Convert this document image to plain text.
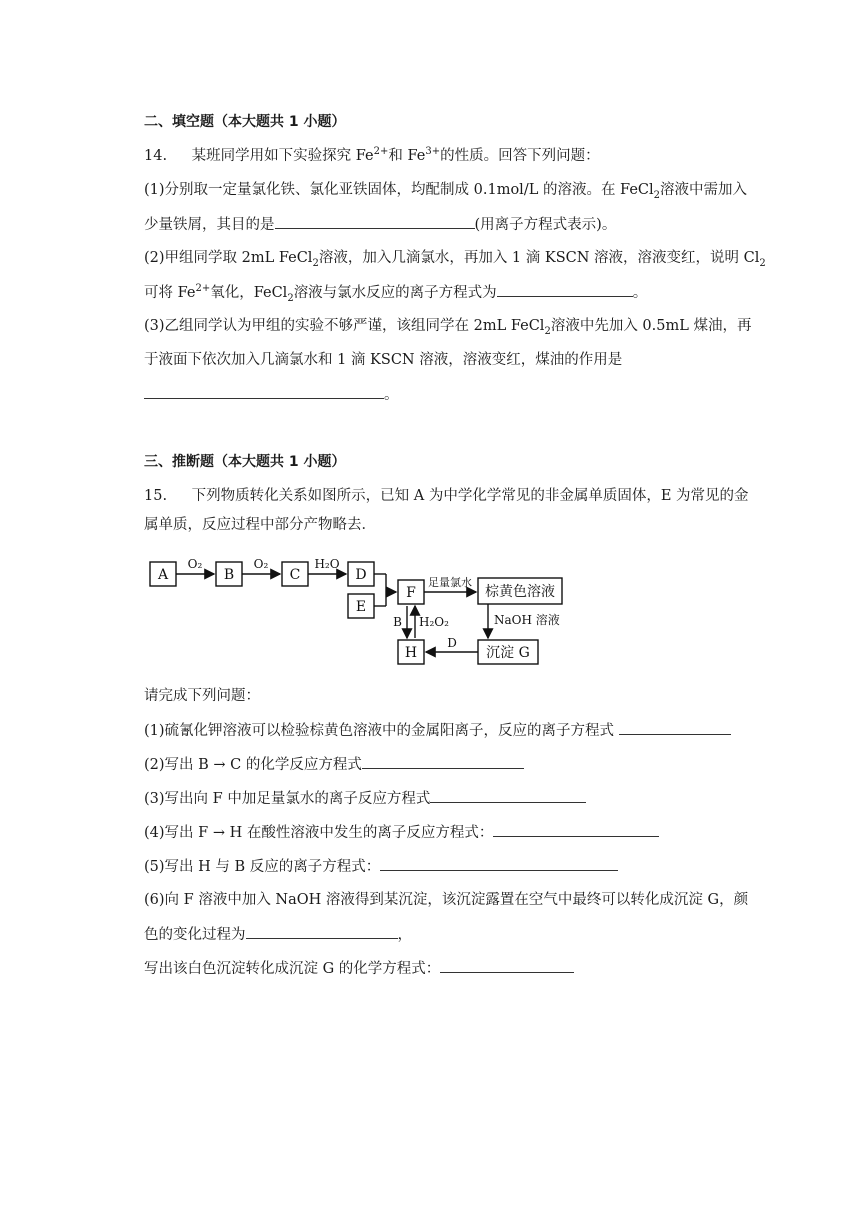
二、填空题（本大题共 1 小题）
14. 某班同学用如下实验探究 $Fe^{2+}$和 $Fe^{3+}$的性质。回答下列问题：
(1)分别取一定量氯化铁、氯化亚铁固体，均配制成 0.1mol/L 的溶液。在 FeCl$_2$溶液中需加入
少量铁屑，其目的是	(用离子方程式表示)。
(2)甲组同学取 2mL FeCl$_2$溶液，加入几滴氯水，再加入 1 滴 KSCN 溶液，溶液变红，说明 $Cl_2$
可将 $Fe^{2+}$氧化，FeCl$_2$溶液与氯水反应的离子方程式为	。
(3)乙组同学认为甲组的实验不够严谨，该组同学在 2mL FeCl$_2$溶液中先加入 0.5mL 煤油，再
于液面下依次加入几滴氯水和 1 滴 KSCN 溶液，溶液变红，煤油的作用是
。
三、推断题（本大题共 1 小题）
15. 下列物质转化关系如图所示，已知 A 为中学化学常见的非金属单质固体，E 为常见的金
属单质，反应过程中部分产物略去．
A	B	C	D
E
F	棕黄色溶液
H	沉淀 G
O₂	O₂	H₂O
足量氯水
NaOH 溶液
D
B H₂O₂
请完成下列问题：
(1)硫氰化钾溶液可以检验棕黄色溶液中的金属阳离子，反应的离子方程式
(2)写出 B → C 的化学反应方程式
(3)写出向 F 中加足量氯水的离子反应方程式
(4)写出 F → H 在酸性溶液中发生的离子反应方程式：
(5)写出 H 与 B 反应的离子方程式：
(6)向 F 溶液中加入 NaOH 溶液得到某沉淀，该沉淀露置在空气中最终可以转化成沉淀 G，颜
色的变化过程为	，
写出该白色沉淀转化成沉淀 G 的化学方程式：
